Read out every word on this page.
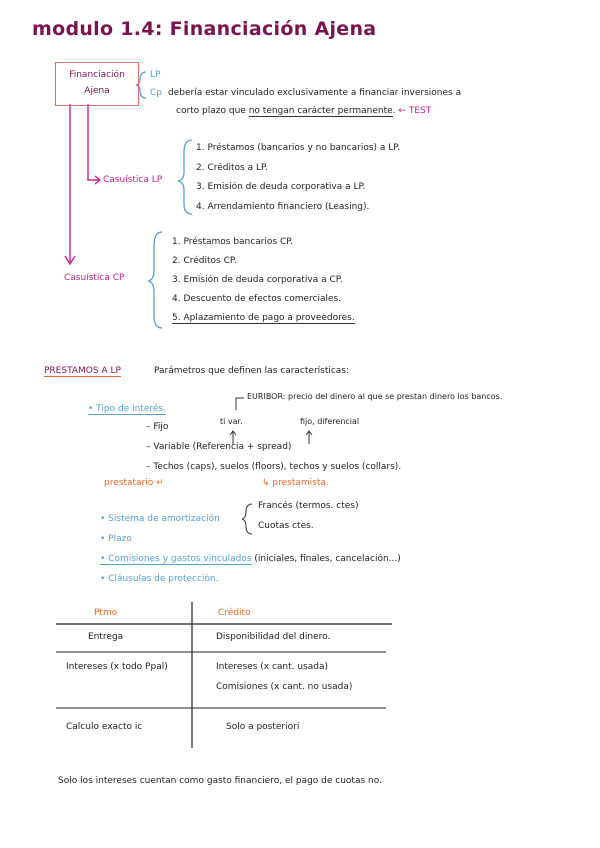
modulo 1.4: Financiación Ajena
Financiación
Ajena
LP
Cp debería estar vinculado exclusivamente a financiar inversiones a
corto plazo que no tengan carácter permanente. ← TEST
Casuística LP
1. Préstamos (bancarios y no bancarios) a LP.
2. Créditos a LP.
3. Emisión de deuda corporativa a LP.
4. Arrendamiento financiero (Leasing).
Casuística CP
1. Préstamos bancarios CP.
2. Créditos CP.
3. Emisión de deuda corporativa a CP.
4. Descuento de efectos comerciales.
5. Aplazamiento de pago a proveedores.
PRESTAMOS A LP	Parámetros que definen las características:
• Tipo de interés.
EURIBOR: precio del dinero al que se prestan dinero los bancos.
– Fijo
ti var.	fijo, diferencial
– Variable (Referencia + spread)
– Techos (caps), suelos (floors), techos y suelos (collars).
prestatario ↵	↳ prestamista.
• Sistema de amortización
Francés (termos. ctes)
Cuotas ctes.
• Plazo
• Comisiones y gastos vinculados (iniciales, finales, cancelación...)
• Cláusulas de protección.
Ptmo	Crédito
Entrega	Disponibilidad del dinero.
Intereses (x todo Ppal)	Intereses (x cant. usada)
Comisiones (x cant. no usada)
Calculo exacto ic	Solo a posteriori
Solo los intereses cuentan como gasto financiero, el pago de cuotas no.
